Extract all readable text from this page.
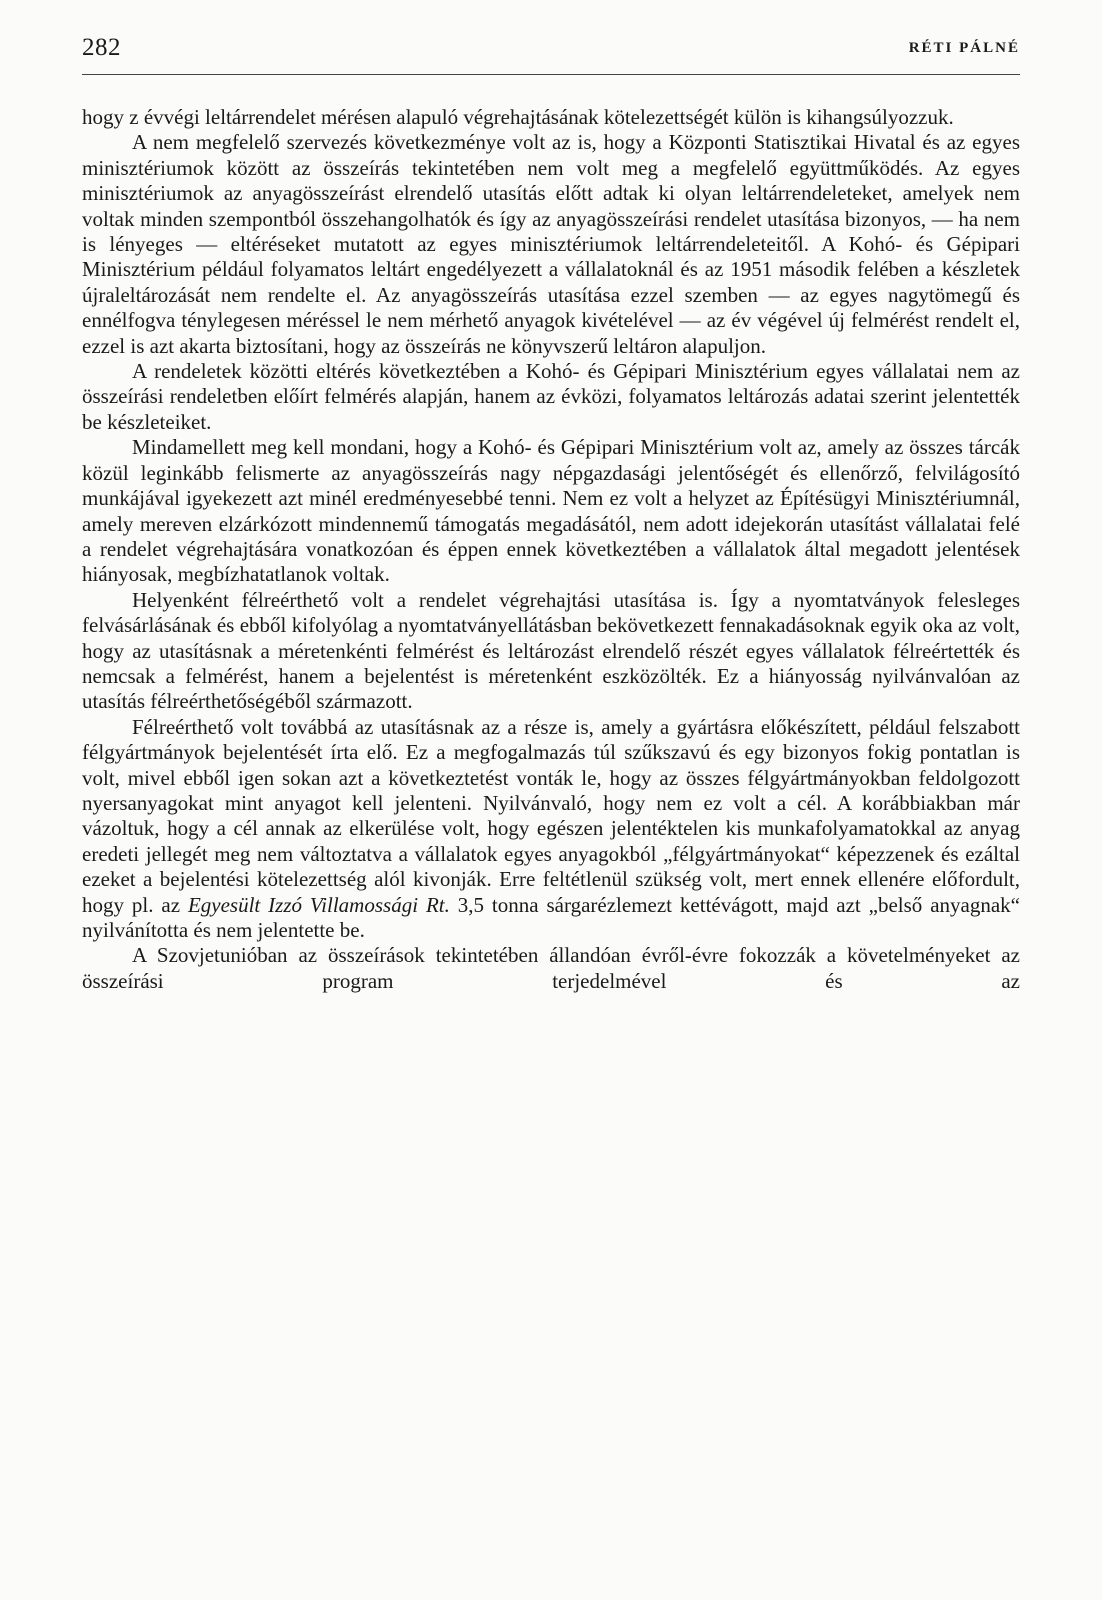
282	RÉTI PÁLNÉ

hogy z évvégi leltárrendelet mérésen alapuló végrehajtásának kötelezettségét külön is kihangsúlyozzuk.

A nem megfelelő szervezés következménye volt az is, hogy a Központi Statisztikai Hivatal és az egyes minisztériumok között az összeírás tekintetében nem volt meg a megfelelő együttműködés. Az egyes minisztériumok az anyagösszeírást elrendelő utasítás előtt adtak ki olyan leltárrendeleteket, amelyek nem voltak minden szempontból összehangolhatók és így az anyagösszeírási rendelet utasítása bizonyos, — ha nem is lényeges — eltéréseket mutatott az egyes minisztériumok leltárrendeleteitől. A Kohó- és Gépipari Minisztérium például folyamatos leltárt engedélyezett a vállalatoknál és az 1951 második felében a készletek újraleltározását nem rendelte el. Az anyagösszeírás utasítása ezzel szemben — az egyes nagytömegű és ennélfogva ténylegesen méréssel le nem mérhető anyagok kivételével — az év végével új felmérést rendelt el, ezzel is azt akarta biztosítani, hogy az összeírás ne könyvszerű leltáron alapuljon.

A rendeletek közötti eltérés következtében a Kohó- és Gépipari Minisztérium egyes vállalatai nem az összeírási rendeletben előírt felmérés alapján, hanem az évközi, folyamatos leltározás adatai szerint jelentették be készleteiket.

Mindamellett meg kell mondani, hogy a Kohó- és Gépipari Minisztérium volt az, amely az összes tárcák közül leginkább felismerte az anyagösszeírás nagy népgazdasági jelentőségét és ellenőrző, felvilágosító munkájával igyekezett azt minél eredményesebbé tenni. Nem ez volt a helyzet az Építésügyi Minisztériumnál, amely mereven elzárkózott mindennemű támogatás megadásától, nem adott idejekorán utasítást vállalatai felé a rendelet végrehajtására vonatkozóan és éppen ennek következtében a vállalatok által megadott jelentések hiányosak, megbízhatatlanok voltak.

Helyenként félreérthető volt a rendelet végrehajtási utasítása is. Így a nyomtatványok felesleges felvásárlásának és ebből kifolyólag a nyomtatványellátásban bekövetkezett fennakadásoknak egyik oka az volt, hogy az utasításnak a méretenkénti felmérést és leltározást elrendelő részét egyes vállalatok félreértették és nemcsak a felmérést, hanem a bejelentést is méretenként eszközölték. Ez a hiányosság nyilvánvalóan az utasítás félreérthetőségéből származott.

Félreérthető volt továbbá az utasításnak az a része is, amely a gyártásra előkészített, például felszabott félgyártmányok bejelentését írta elő. Ez a megfogalmazás túl szűkszavú és egy bizonyos fokig pontatlan is volt, mivel ebből igen sokan azt a következtetést vonták le, hogy az összes félgyártmányokban feldolgozott nyersanyagokat mint anyagot kell jelenteni. Nyilvánvaló, hogy nem ez volt a cél. A korábbiakban már vázoltuk, hogy a cél annak az elkerülése volt, hogy egészen jelentéktelen kis munkafolyamatokkal az anyag eredeti jellegét meg nem változtatva a vállalatok egyes anyagokból „félgyártmányokat“ képezzenek és ezáltal ezeket a bejelentési kötelezettség alól kivonják. Erre feltétlenül szükség volt, mert ennek ellenére előfordult, hogy pl. az Egyesült Izzó Villamossági Rt. 3,5 tonna sárgarézlemezt kettévágott, majd azt „belső anyagnak“ nyilvánította és nem jelentette be.

A Szovjetunióban az összeírások tekintetében állandóan évről-évre fokozzák a követelményeket az összeírási program terjedelmével és az
